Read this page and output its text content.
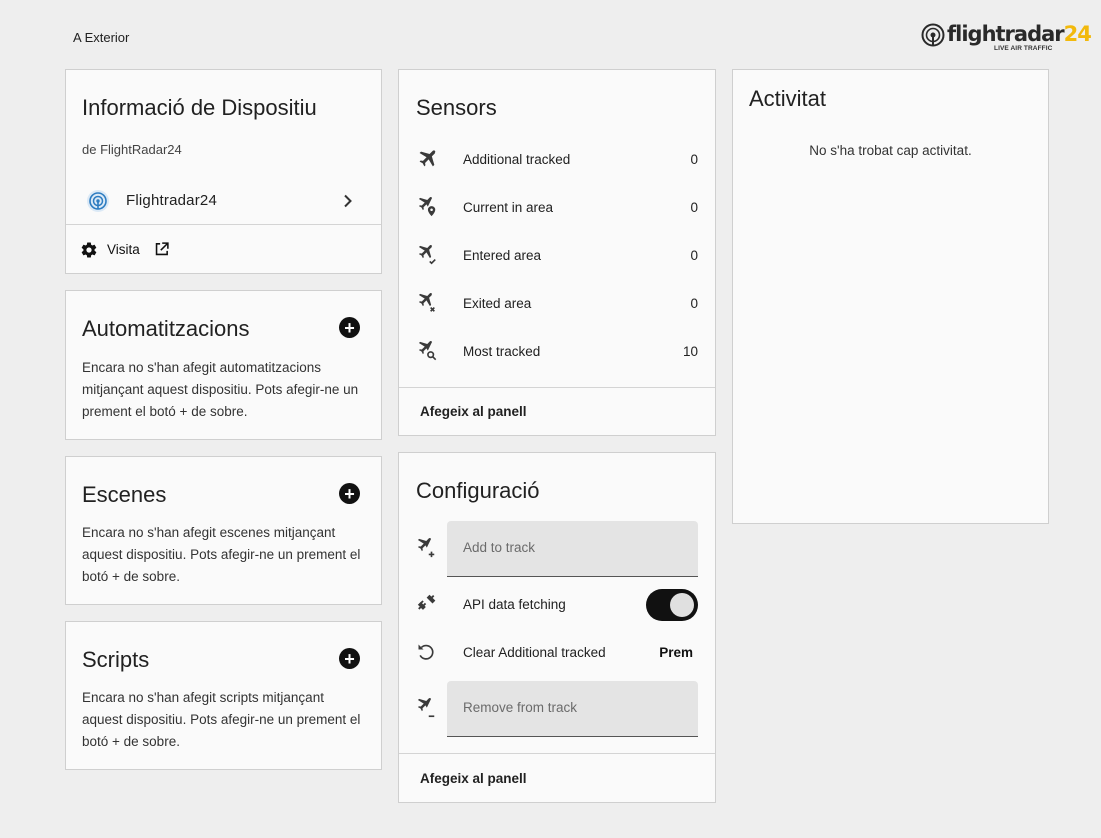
A Exterior	flightradar24
LIVE AIR TRAFFIC
Informació de Dispositiu
de FlightRadar24
Flightradar24
Visita
Automatitzacions	+
Encara no s'han afegit automatitzacions mitjançant aquest dispositiu. Pots afegir-ne un prement el botó + de sobre.
Escenes	+
Encara no s'han afegit escenes mitjançant aquest dispositiu. Pots afegir-ne un prement el botó + de sobre.
Scripts	+
Encara no s'han afegit scripts mitjançant aquest dispositiu. Pots afegir-ne un prement el botó + de sobre.
Sensors
Additional tracked	0
Current in area	0
Entered area	0
Exited area	0
Most tracked	10
Afegeix al panell
Configuració
Add to track
API data fetching
Clear Additional tracked	Prem
Remove from track
Afegeix al panell
Activitat
No s'ha trobat cap activitat.
